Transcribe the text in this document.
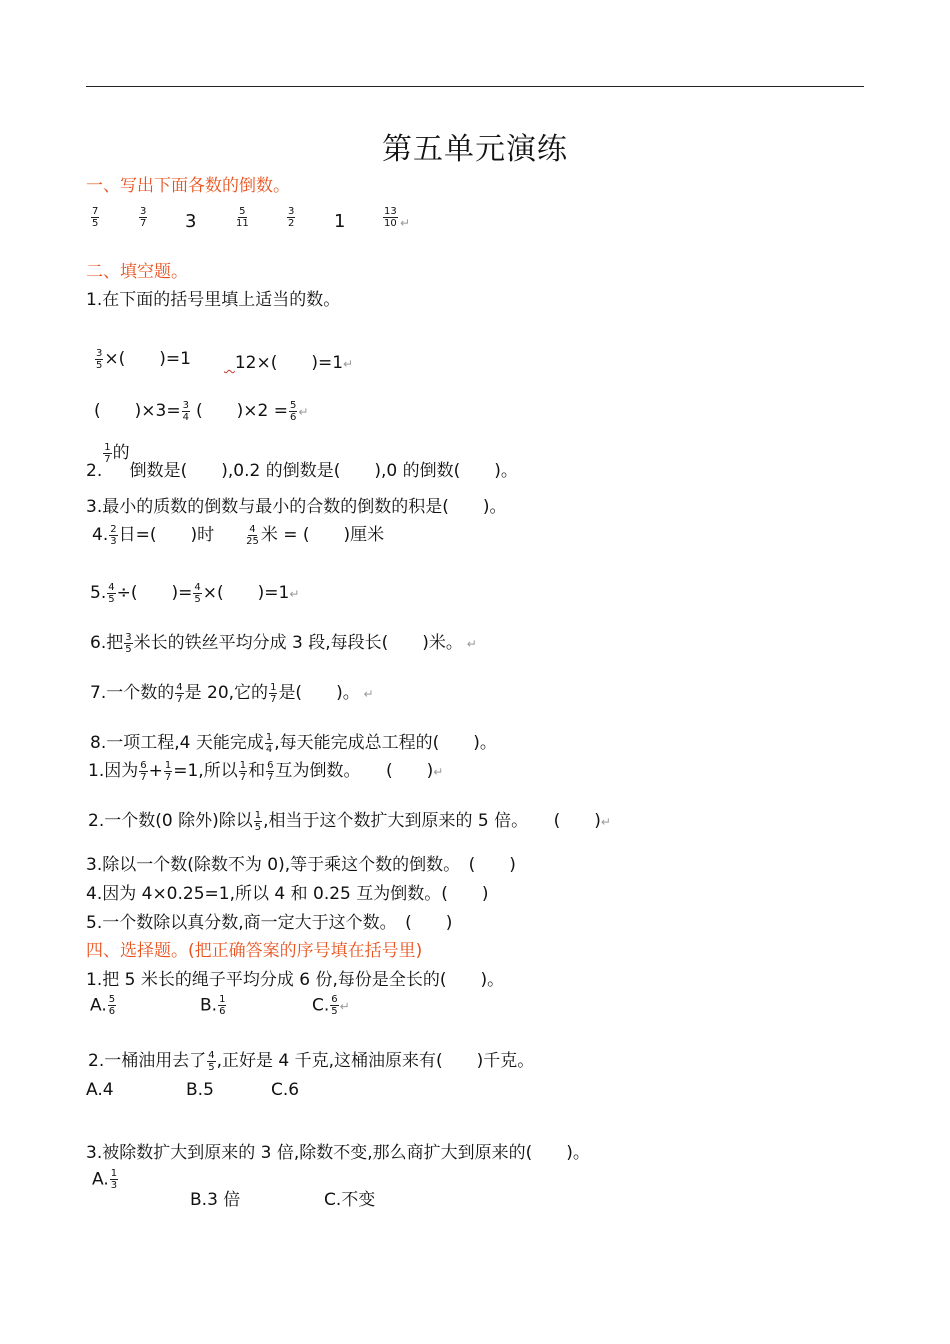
第五单元演练
一、写出下面各数的倒数。
$\frac{7}{5}$	$\frac{3}{7} 3$	$\frac{5}{11}$	$\frac{3}{2} 1$	$\frac{13}{10}$ ↵
二、填空题。
1.在下面的括号里填上适当的数。
$\frac{3}{5}$ ×(　　)=1	12×(　　)=1↵
(　　)$\times 3= \frac{3}{4}$ (　　)$\times 2 = \frac{5}{6}$ ↵
2.
$\frac{1}{7}$ 的倒数是(　　),0.2 的倒数是(　　),0 的倒数(　　)。
3.最小的质数的倒数与最小的合数的倒数的积是(　　)。
4. $\frac{2}{3}$ 日=(　　)时	$\frac{4}{25}$ 米 = (　　)厘米
5. $\frac{4}{5}$ ÷(　　)= $\frac{4}{5}$ ×(　　)=1↵
6.把 $\frac{3}{5}$ 米长的铁丝平均分成 3 段,每段长(　　)米。 ↵
7.一个数的 $\frac{4}{7}$ 是 20,它的 $\frac{1}{7}$ 是(　　)。 ↵
8.一项工程,4 天能完成 $\frac{1}{4}$ ,每天能完成总工程的(　　)。
1.因为 $\frac{6}{7} + \frac{1}{7} =1$,所以 $\frac{1}{7}$ 和 $\frac{6}{7}$ 互为倒数。　　(　　)↵
2.一个数(0 除外)除以 $\frac{1}{5}$ ,相当于这个数扩大到原来的 5 倍。　　(　　)↵
3.除以一个数(除数不为 0),等于乘这个数的倒数。　(　　)
4.因为 4×0.25=1,所以 4 和 0.25 互为倒数。(　　)
5.一个数除以真分数,商一定大于这个数。　(　　)
四、选择题。(把正确答案的序号填在括号里)
1.把 5 米长的绳子平均分成 6 份,每份是全长的(　　)。
A. $\frac{5}{6}$	B. $\frac{1}{6}$	C. $\frac{6}{5}$ ↵
2.一桶油用去了 $\frac{4}{5}$ ,正好是 4 千克,这桶油原来有(　　)千克。
A.4	B.5	C.6
3.被除数扩大到原来的 3 倍,除数不变,那么商扩大到原来的(　　)。
A. $\frac{1}{3}$
B.3 倍	C.不变
